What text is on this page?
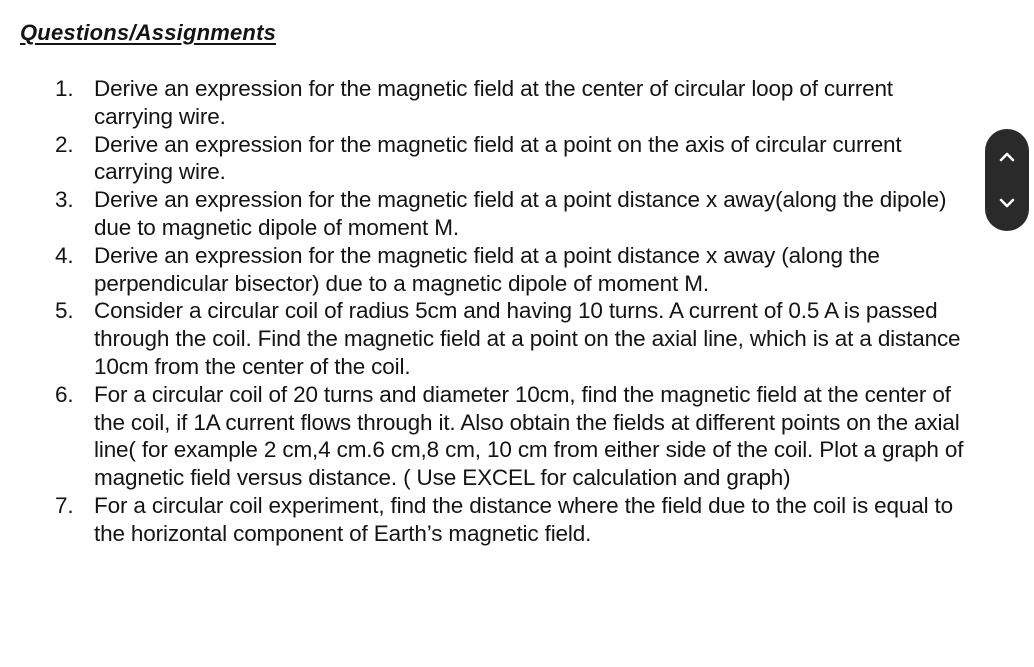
Questions/Assignments
1. Derive an expression for the magnetic field at the center of circular loop of current carrying wire.
2. Derive an expression for the magnetic field at a point on the axis of circular current carrying wire.
3. Derive an expression for the magnetic field at a point distance x away(along the dipole) due to magnetic dipole of moment M.
4. Derive an expression for the magnetic field at a point distance x away (along the perpendicular bisector) due to a magnetic dipole of moment M.
5. Consider a circular coil of radius 5cm and having 10 turns. A current of 0.5 A is passed through the coil. Find the magnetic field at a point on the axial line, which is at a distance 10cm from the center of the coil.
6. For a circular coil of 20 turns and diameter 10cm, find the magnetic field at the center of the coil, if 1A current flows through it. Also obtain the fields at different points on the axial line( for example 2 cm,4 cm.6 cm,8 cm, 10 cm from either side of the coil. Plot a graph of magnetic field versus distance. ( Use EXCEL for calculation and graph)
7. For a circular coil experiment, find the distance where the field due to the coil is equal to the horizontal component of Earth’s magnetic field.
